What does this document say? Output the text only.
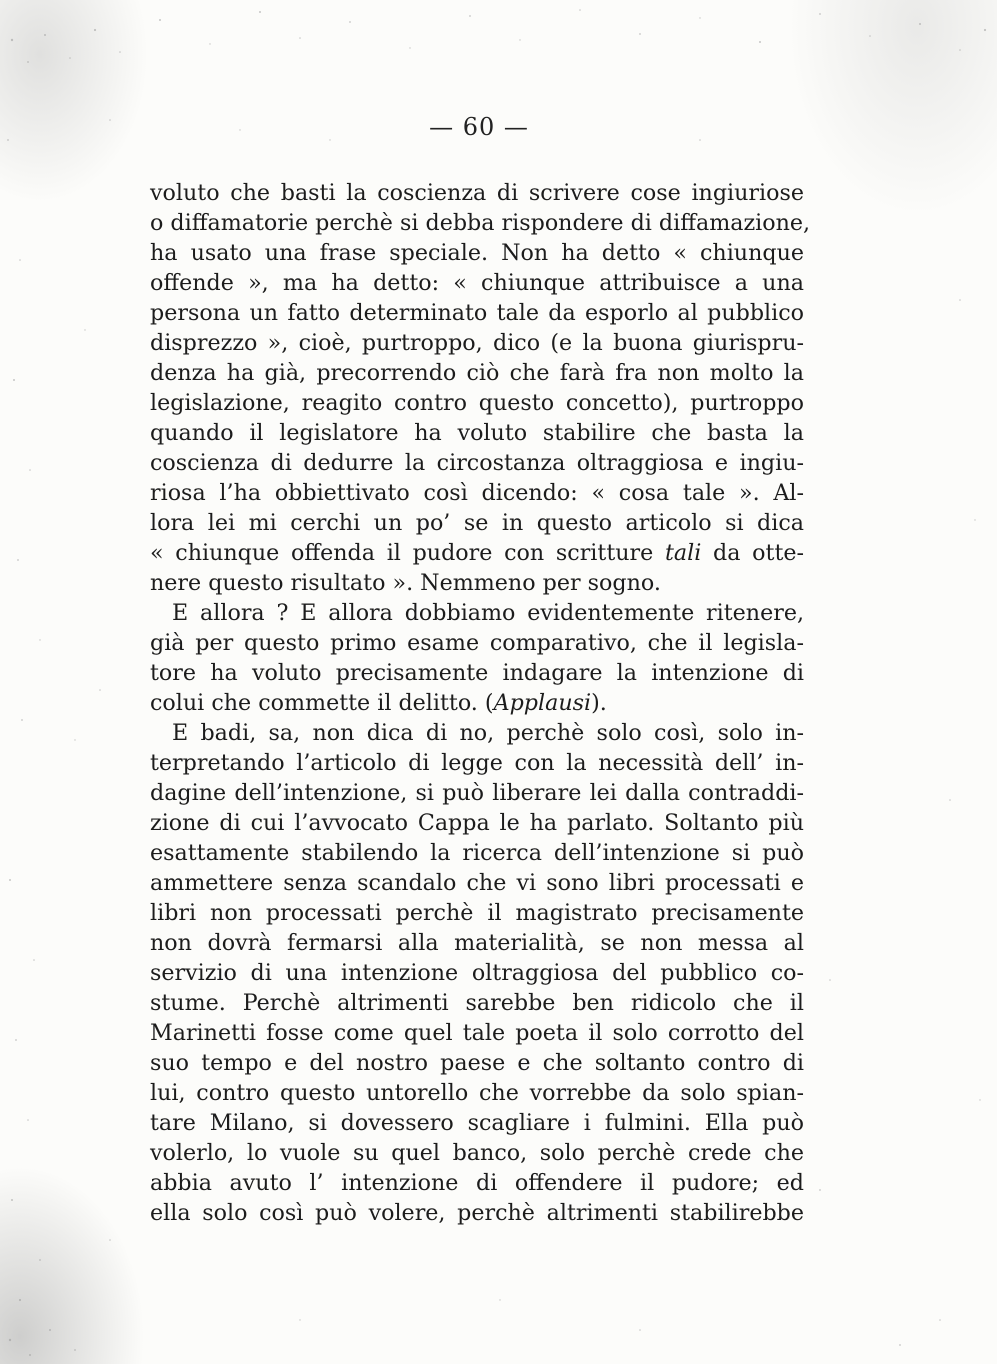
— 60 —
voluto che basti la coscienza di scrivere cose ingiuriose
o diffamatorie perchè si debba rispondere di diffamazione,
ha usato una frase speciale. Non ha detto « chiunque
offende », ma ha detto: « chiunque attribuisce a una
persona un fatto determinato tale da esporlo al pubblico
disprezzo », cioè, purtroppo, dico (e la buona giurispru-
denza ha già, precorrendo ciò che farà fra non molto la
legislazione, reagito contro questo concetto), purtroppo
quando il legislatore ha voluto stabilire che basta la
coscienza di dedurre la circostanza oltraggiosa e ingiu-
riosa l’ha obbiettivato così dicendo: « cosa tale ». Al-
lora lei mi cerchi un po’ se in questo articolo si dica
« chiunque offenda il pudore con scritture tali da otte-
nere questo risultato ». Nemmeno per sogno.
E allora ? E allora dobbiamo evidentemente ritenere,
già per questo primo esame comparativo, che il legisla-
tore ha voluto precisamente indagare la intenzione di
colui che commette il delitto. (Applausi).
E badi, sa, non dica di no, perchè solo così, solo in-
terpretando l’articolo di legge con la necessità dell’ in-
dagine dell’intenzione, si può liberare lei dalla contraddi-
zione di cui l’avvocato Cappa le ha parlato. Soltanto più
esattamente stabilendo la ricerca dell’intenzione si può
ammettere senza scandalo che vi sono libri processati e
libri non processati perchè il magistrato precisamente
non dovrà fermarsi alla materialità, se non messa al
servizio di una intenzione oltraggiosa del pubblico co-
stume. Perchè altrimenti sarebbe ben ridicolo che il
Marinetti fosse come quel tale poeta il solo corrotto del
suo tempo e del nostro paese e che soltanto contro di
lui, contro questo untorello che vorrebbe da solo spian-
tare Milano, si dovessero scagliare i fulmini. Ella può
volerlo, lo vuole su quel banco, solo perchè crede che
abbia avuto l’ intenzione di offendere il pudore; ed
ella solo così può volere, perchè altrimenti stabilirebbe
